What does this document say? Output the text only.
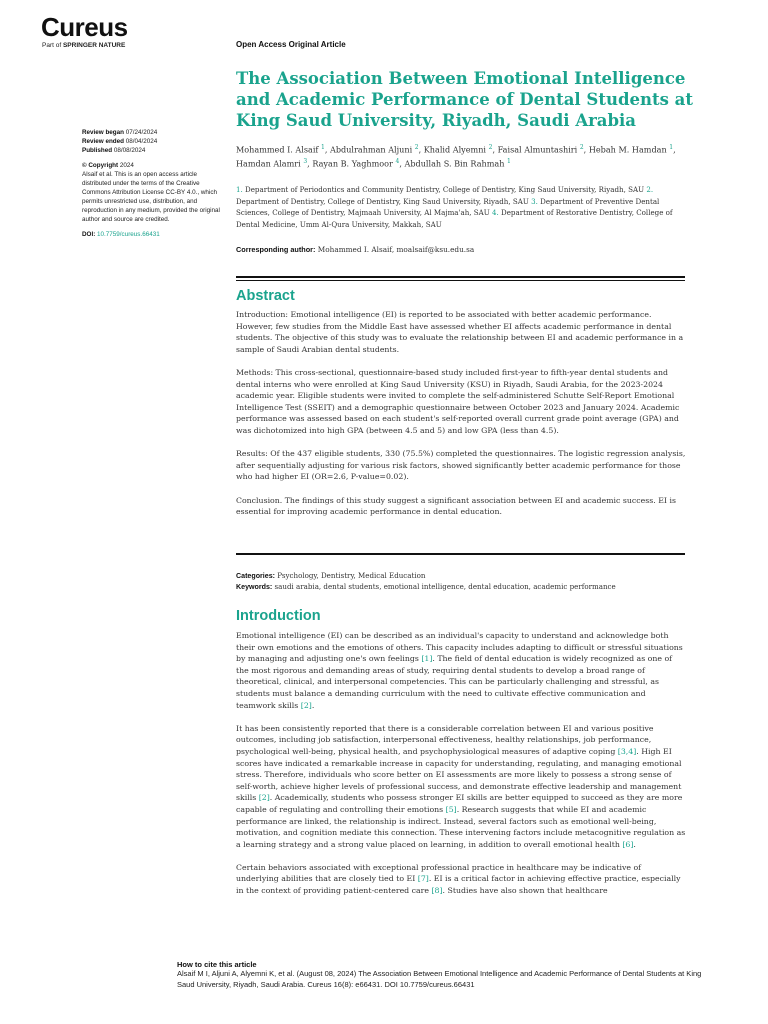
Cureus
Part of SPRINGER NATURE	Open Access Original Article
The Association Between Emotional Intelligence and Academic Performance of Dental Students at King Saud University, Riyadh, Saudi Arabia
Review began 07/24/2024
Review ended 08/04/2024
Published 08/08/2024
© Copyright 2024
Alsaif et al. This is an open access article distributed under the terms of the Creative Commons Attribution License CC-BY 4.0., which permits unrestricted use, distribution, and reproduction in any medium, provided the original author and source are credited.
DOI: 10.7759/cureus.66431
Mohammed I. Alsaif $^1$, Abdulrahman Aljuni $^2$, Khalid Alyemni $^2$, Faisal Almuntashiri $^2$, Hebah M. Hamdan $^1$, Hamdan Alamri $^3$, Rayan B. Yaghmoor $^4$, Abdullah S. Bin Rahmah $^1$
1. Department of Periodontics and Community Dentistry, College of Dentistry, King Saud University, Riyadh, SAU 2. Department of Dentistry, College of Dentistry, King Saud University, Riyadh, SAU 3. Department of Preventive Dental Sciences, College of Dentistry, Majmaah University, Al Majma'ah, SAU 4. Department of Restorative Dentistry, College of Dental Medicine, Umm Al-Qura University, Makkah, SAU
Corresponding author: Mohammed I. Alsaif, moalsaif@ksu.edu.sa
Abstract

Introduction: Emotional intelligence (EI) is reported to be associated with better academic performance. However, few studies from the Middle East have assessed whether EI affects academic performance in dental students. The objective of this study was to evaluate the relationship between EI and academic performance in a sample of Saudi Arabian dental students.

Methods: This cross-sectional, questionnaire-based study included first-year to fifth-year dental students and dental interns who were enrolled at King Saud University (KSU) in Riyadh, Saudi Arabia, for the 2023-2024 academic year. Eligible students were invited to complete the self-administered Schutte Self-Report Emotional Intelligence Test (SSEIT) and a demographic questionnaire between October 2023 and January 2024. Academic performance was assessed based on each student's self-reported overall current grade point average (GPA) and was dichotomized into high GPA (between 4.5 and 5) and low GPA (less than 4.5).

Results: Of the 437 eligible students, 330 (75.5%) completed the questionnaires. The logistic regression analysis, after sequentially adjusting for various risk factors, showed significantly better academic performance for those who had higher EI (OR=2.6, P-value=0.02).

Conclusion. The findings of this study suggest a significant association between EI and academic success. EI is essential for improving academic performance in dental education.

Categories: Psychology, Dentistry, Medical Education
Keywords: saudi arabia, dental students, emotional intelligence, dental education, academic performance
Introduction

Emotional intelligence (EI) can be described as an individual's capacity to understand and acknowledge both their own emotions and the emotions of others. This capacity includes adapting to difficult or stressful situations by managing and adjusting one's own feelings [1]. The field of dental education is widely recognized as one of the most rigorous and demanding areas of study, requiring dental students to develop a broad range of theoretical, clinical, and interpersonal competencies. This can be particularly challenging and stressful, as students must balance a demanding curriculum with the need to cultivate effective communication and teamwork skills [2].

It has been consistently reported that there is a considerable correlation between EI and various positive outcomes, including job satisfaction, interpersonal effectiveness, healthy relationships, job performance, psychological well-being, physical health, and psychophysiological measures of adaptive coping [3,4]. High EI scores have indicated a remarkable increase in capacity for understanding, regulating, and managing emotional stress. Therefore, individuals who score better on EI assessments are more likely to possess a strong sense of self-worth, achieve higher levels of professional success, and demonstrate effective leadership and management skills [2]. Academically, students who possess stronger EI skills are better equipped to succeed as they are more capable of regulating and controlling their emotions [5]. Research suggests that while EI and academic performance are linked, the relationship is indirect. Instead, several factors such as emotional well-being, motivation, and cognition mediate this connection. These intervening factors include metacognitive regulation as a learning strategy and a strong value placed on learning, in addition to overall emotional health [6].

Certain behaviors associated with exceptional professional practice in healthcare may be indicative of underlying abilities that are closely tied to EI [7]. EI is a critical factor in achieving effective practice, especially in the context of providing patient-centered care [8]. Studies have also shown that healthcare

How to cite this article
Alsaif M I, Aljuni A, Alyemni K, et al. (August 08, 2024) The Association Between Emotional Intelligence and Academic Performance of Dental Students at King Saud University, Riyadh, Saudi Arabia. Cureus 16(8): e66431. DOI 10.7759/cureus.66431
